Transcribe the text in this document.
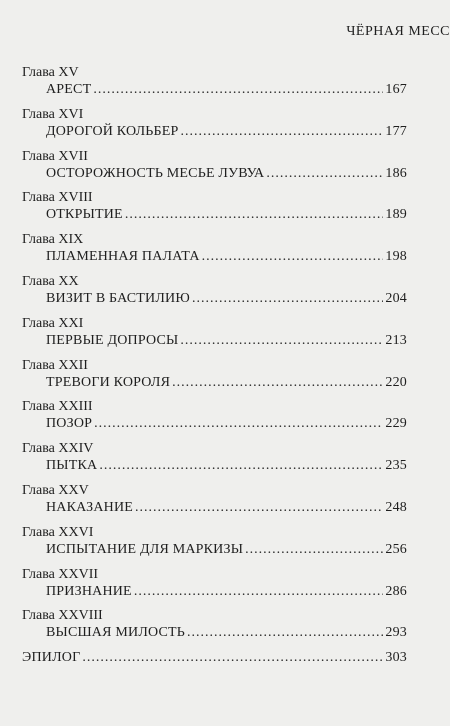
ЧЁРНАЯ МЕСС
Глава XV
АРЕСТ .....	167
Глава XVI
ДОРОГОЙ КОЛЬБЕР .....	177
Глава XVII
ОСТОРОЖНОСТЬ МЕСЬЕ ЛУВУА .....	186
Глава XVIII
ОТКРЫТИЕ .....	189
Глава XIX
ПЛАМЕННАЯ ПАЛАТА .....	198
Глава XX
ВИЗИТ В БАСТИЛИЮ .....	204
Глава XXI
ПЕРВЫЕ ДОПРОСЫ .....	213
Глава XXII
ТРЕВОГИ КОРОЛЯ .....	220
Глава XXIII
ПОЗОР .....	229
Глава XXIV
ПЫТКА .....	235
Глава XXV
НАКАЗАНИЕ .....	248
Глава XXVI
ИСПЫТАНИЕ ДЛЯ МАРКИЗЫ .....	256
Глава XXVII
ПРИЗНАНИЕ .....	286
Глава XXVIII
ВЫСШАЯ МИЛОСТЬ .....	293
ЭПИЛОГ .....	303
